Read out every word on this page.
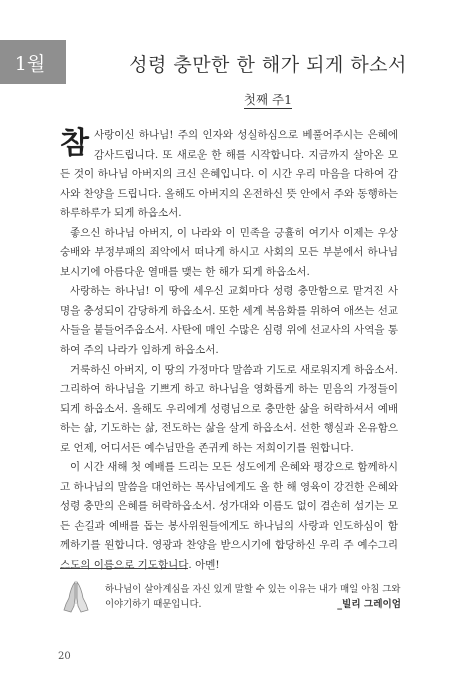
1월	성령 충만한 한 해가 되게 하소서
첫째 주1

참사랑이신 하나님! 주의 인자와 성실하심으로 베풀어주시는 은혜에 감사드립니다. 또 새로운 한 해를 시작합니다. 지금까지 살아온 모든 것이 하나님 아버지의 크신 은혜입니다. 이 시간 우리 마음을 다하여 감사와 찬양을 드립니다. 올해도 아버지의 온전하신 뜻 안에서 주와 동행하는 하루하루가 되게 하옵소서.

좋으신 하나님 아버지, 이 나라와 이 민족을 긍휼히 여기사 이제는 우상숭배와 부정부패의 죄악에서 떠나게 하시고 사회의 모든 부분에서 하나님 보시기에 아름다운 열매를 맺는 한 해가 되게 하옵소서.

사랑하는 하나님! 이 땅에 세우신 교회마다 성령 충만함으로 맡겨진 사명을 충성되이 감당하게 하옵소서. 또한 세계 복음화를 위하여 애쓰는 선교사들을 붙들어주옵소서. 사탄에 매인 수많은 심령 위에 선교사의 사역을 통하여 주의 나라가 임하게 하옵소서.

거룩하신 아버지, 이 땅의 가정마다 말씀과 기도로 새로워지게 하옵소서. 그리하여 하나님을 기쁘게 하고 하나님을 영화롭게 하는 믿음의 가정들이 되게 하옵소서. 올해도 우리에게 성령님으로 충만한 삶을 허락하셔서 예배하는 삶, 기도하는 삶, 전도하는 삶을 살게 하옵소서. 선한 행실과 온유함으로 언제, 어디서든 예수님만을 존귀케 하는 저희이기를 원합니다.

이 시간 새해 첫 예배를 드리는 모든 성도에게 은혜와 평강으로 함께하시고 하나님의 말씀을 대언하는 목사님에게도 올 한 해 영육이 강건한 은혜와 성령 충만의 은혜를 허락하옵소서. 성가대와 이름도 없이 겸손히 섬기는 모든 손길과 예배를 돕는 봉사위원들에게도 하나님의 사랑과 인도하심이 함께하기를 원합니다. 영광과 찬양을 받으시기에 합당하신 우리 주 예수그리스도의 이름으로 기도합니다. 아멘!

하나님이 살아계심을 자신 있게 말할 수 있는 이유는 내가 매일 아침 그와
이야기하기 때문입니다.	_빌리 그레이엄
20
